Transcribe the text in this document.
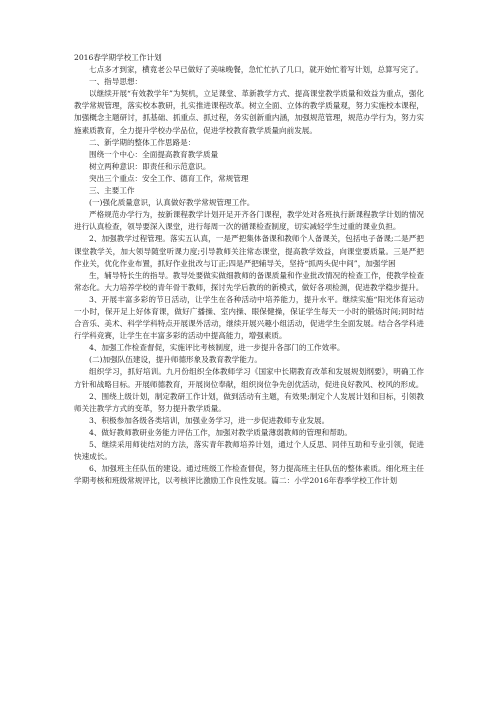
2016春学期学校工作计划

七点多才到家，横竟老公早已做好了美味晚餐，急忙忙扒了几口，就开始忙着写计划，总算写完了。

一、指导思想：

以继续开展“有效教学年”为契机，立足课堂、革新教学方式、提高课堂教学质量和效益为重点，强化教学常规管理，落实校本教研，扎实推进课程改革。树立全面、立体的教学质量观，努力实施校本课程，加强概念主题研讨，抓基础、抓重点、抓过程，务实创新重内涵，加强规范管理，规范办学行为，努力实施素质教育，全力提升学校办学品位，促进学校教育教学质量向前发展。

二、新学期的整体工作思路是：

围绕一个中心：全面提高教育教学质量

树立两种意识：即责任和示范意识。

突出三个重点：安全工作、德育工作，常规管理

三、主要工作

(一)强化质量意识，认真做好教学常规管理工作。

严格规范办学行为，按新课程教学计划开足开齐各门课程，教学处对各班执行新课程教学计划的情况进行认真检查，领导要深入课堂，进行每周一次的循课检查制度，切实减轻学生过重的课业负担。

2、加强教学过程管理。落实五认真，一是严把集体备课和教师个人备课关，包括电子备课;二是严把课堂教学关，加大领导随堂听课力度;引导教师关注常态课堂，提高教学效益，向课堂要质量。三是严把作业关，优化作业布置，抓好作业批改与订正;四是严把辅导关，坚持“抓两头促中间”，加强学困

生，辅导特长生的指导。教导处要做实做细教师的备课质量和作业批改情况的检查工作，使教学检查常态化。大力培养学校的青年骨干教师，探讨先学后教的的新模式，做好各项检测，促进教学稳步提升。

3、开展丰富多彩的节日活动，让学生在各种活动中培养能力，提升水平。继续实施“阳光体育运动一小时，保开足上好体育课，做好广播操、室内操、眼保健操，保证学生每天一小时的锻炼时间;同时结合音乐、美术、科学学科特点开展课外活动，继续开展兴趣小组活动，促进学生全面发展。结合各学科进行学科竞赛，让学生在丰富多彩的活动中提高能力，增强素质。

4、加强工作检查督促，实施评比考核制度，进一步提升各部门的工作效率。

(二)加强队伍建设，提升师德形象及教育教学能力。

组织学习，抓好培训。九月份组织全体教师学习《国家中长期教育改革和发展规划纲要》，明确工作方针和战略目标。开展师德教育，开展岗位奉献，组织岗位争先创优活动，促进良好教风、校风的形成。

2、围绕上级计划，制定教研工作计划，做到活动有主题，有效果;制定个人发展计划和目标，引领教师关注教学方式的变革，努力提升教学质量。

3、积极参加各级各类培训，加强业务学习，进一步促进教师专业发展。

4、做好教师教研业务能力评估工作，加强对教学质量薄弱教师的管理和帮助。

5、继续采用师徒结对的方法，落实青年教师培养计划，通过个人反思、同伴互助和专业引领，促进快速成长。

6、加强班主任队伍的建设。通过班级工作检查督促，努力提高班主任队伍的整体素质。细化班主任学期考核和班级常规评比，以考核评比激励工作良性发展。篇二：小学2016年春季学校工作计划
